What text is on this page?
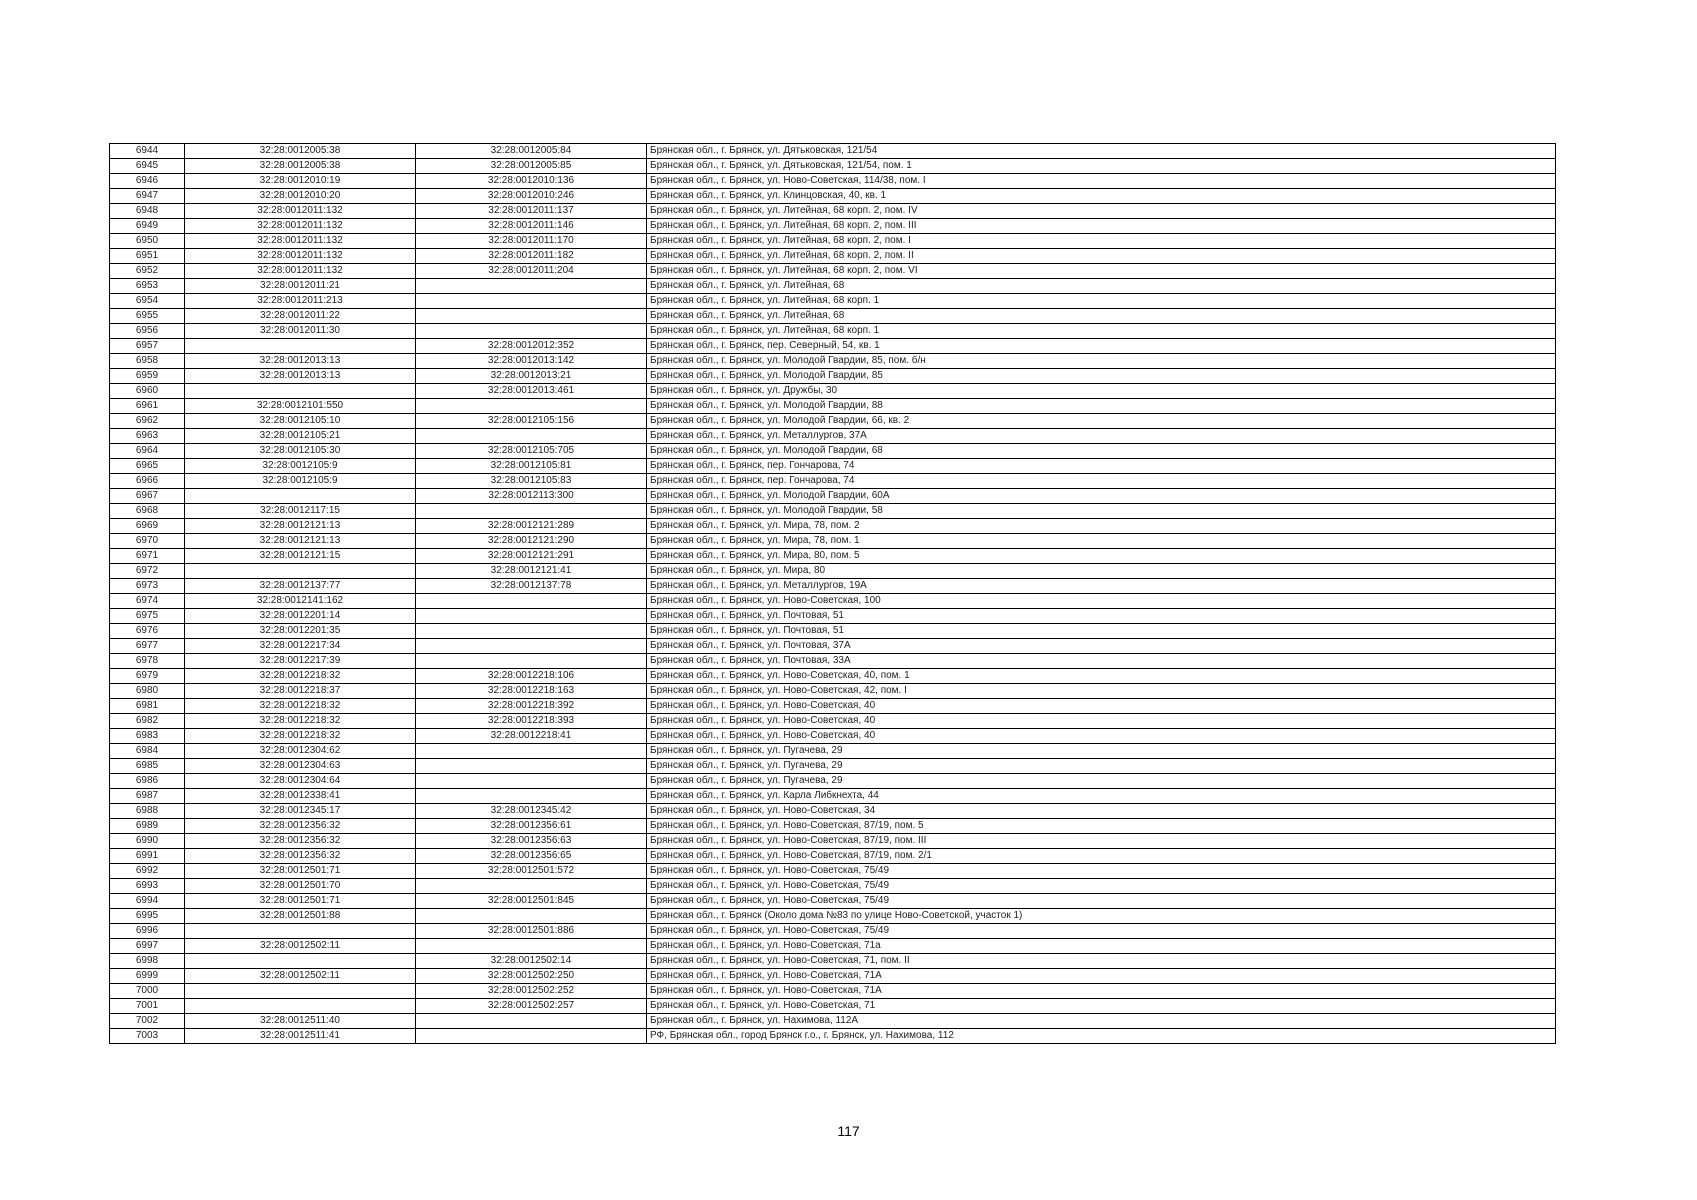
6944	32:28:0012005:38	32:28:0012005:84	Брянская обл., г. Брянск, ул. Дятьковская, 121/54
6945	32:28:0012005:38	32:28:0012005:85	Брянская обл., г. Брянск, ул. Дятьковская, 121/54, пом. 1
6946	32:28:0012010:19	32:28:0012010:136	Брянская обл., г. Брянск, ул. Ново-Советская, 114/38, пом. I
6947	32:28:0012010:20	32:28:0012010:246	Брянская обл., г. Брянск, ул. Клинцовская, 40, кв. 1
6948	32:28:0012011:132	32:28:0012011:137	Брянская обл., г. Брянск, ул. Литейная, 68 корп. 2, пом. IV
6949	32:28:0012011:132	32:28:0012011:146	Брянская обл., г. Брянск, ул. Литейная, 68 корп. 2, пом. III
6950	32:28:0012011:132	32:28:0012011:170	Брянская обл., г. Брянск, ул. Литейная, 68 корп. 2, пом. I
6951	32:28:0012011:132	32:28:0012011:182	Брянская обл., г. Брянск, ул. Литейная, 68 корп. 2, пом. II
6952	32:28:0012011:132	32:28:0012011:204	Брянская обл., г. Брянск, ул. Литейная, 68 корп. 2, пом. VI
6953	32:28:0012011:21		Брянская обл., г. Брянск, ул. Литейная, 68
6954	32:28:0012011:213		Брянская обл., г. Брянск, ул. Литейная, 68 корп. 1
6955	32:28:0012011:22		Брянская обл., г. Брянск, ул. Литейная, 68
6956	32:28:0012011:30		Брянская обл., г. Брянск, ул. Литейная, 68 корп. 1
6957		32:28:0012012:352	Брянская обл., г. Брянск, пер. Северный, 54, кв. 1
6958	32:28:0012013:13	32:28:0012013:142	Брянская обл., г. Брянск, ул. Молодой Гвардии, 85, пом. б/н
6959	32:28:0012013:13	32:28:0012013:21	Брянская обл., г. Брянск, ул. Молодой Гвардии, 85
6960		32:28:0012013:461	Брянская обл., г. Брянск, ул. Дружбы, 30
6961	32:28:0012101:550		Брянская обл., г. Брянск, ул. Молодой Гвардии, 88
6962	32:28:0012105:10	32:28:0012105:156	Брянская обл., г. Брянск, ул. Молодой Гвардии, 66, кв. 2
6963	32:28:0012105:21		Брянская обл., г. Брянск, ул. Металлургов, 37А
6964	32:28:0012105:30	32:28:0012105:705	Брянская обл., г. Брянск, ул. Молодой Гвардии, 68
6965	32:28:0012105:9	32:28:0012105:81	Брянская обл., г. Брянск, пер. Гончарова, 74
6966	32:28:0012105:9	32:28:0012105:83	Брянская обл., г. Брянск, пер. Гончарова, 74
6967		32:28:0012113:300	Брянская обл., г. Брянск, ул. Молодой Гвардии, 60А
6968	32:28:0012117:15		Брянская обл., г. Брянск, ул. Молодой Гвардии, 58
6969	32:28:0012121:13	32:28:0012121:289	Брянская обл., г. Брянск, ул. Мира, 78, пом. 2
6970	32:28:0012121:13	32:28:0012121:290	Брянская обл., г. Брянск, ул. Мира, 78, пом. 1
6971	32:28:0012121:15	32:28:0012121:291	Брянская обл., г. Брянск, ул. Мира, 80, пом. 5
6972		32:28:0012121:41	Брянская обл., г. Брянск, ул. Мира, 80
6973	32:28:0012137:77	32:28:0012137:78	Брянская обл., г. Брянск, ул. Металлургов, 19А
6974	32:28:0012141:162		Брянская обл., г. Брянск, ул. Ново-Советская, 100
6975	32:28:0012201:14		Брянская обл., г. Брянск, ул. Почтовая, 51
6976	32:28:0012201:35		Брянская обл., г. Брянск, ул. Почтовая, 51
6977	32:28:0012217:34		Брянская обл., г. Брянск, ул. Почтовая, 37А
6978	32:28:0012217:39		Брянская обл., г. Брянск, ул. Почтовая, 33А
6979	32:28:0012218:32	32:28:0012218:106	Брянская обл., г. Брянск, ул. Ново-Советская, 40, пом. 1
6980	32:28:0012218:37	32:28:0012218:163	Брянская обл., г. Брянск, ул. Ново-Советская, 42, пом. I
6981	32:28:0012218:32	32:28:0012218:392	Брянская обл., г. Брянск, ул. Ново-Советская, 40
6982	32:28:0012218:32	32:28:0012218:393	Брянская обл., г. Брянск, ул. Ново-Советская, 40
6983	32:28:0012218:32	32:28:0012218:41	Брянская обл., г. Брянск, ул. Ново-Советская, 40
6984	32:28:0012304:62		Брянская обл., г. Брянск, ул. Пугачева, 29
6985	32:28:0012304:63		Брянская обл., г. Брянск, ул. Пугачева, 29
6986	32:28:0012304:64		Брянская обл., г. Брянск, ул. Пугачева, 29
6987	32:28:0012338:41		Брянская обл., г. Брянск, ул. Карла Либкнехта, 44
6988	32:28:0012345:17	32:28:0012345:42	Брянская обл., г. Брянск, ул. Ново-Советская, 34
6989	32:28:0012356:32	32:28:0012356:61	Брянская обл., г. Брянск, ул. Ново-Советская, 87/19, пом. 5
6990	32:28:0012356:32	32:28:0012356:63	Брянская обл., г. Брянск, ул. Ново-Советская, 87/19, пом. III
6991	32:28:0012356:32	32:28:0012356:65	Брянская обл., г. Брянск, ул. Ново-Советская, 87/19, пом. 2/1
6992	32:28:0012501:71	32:28:0012501:572	Брянская обл., г. Брянск, ул. Ново-Советская, 75/49
6993	32:28:0012501:70		Брянская обл., г. Брянск, ул. Ново-Советская, 75/49
6994	32:28:0012501:71	32:28:0012501:845	Брянская обл., г. Брянск, ул. Ново-Советская, 75/49
6995	32:28:0012501:88		Брянская обл., г. Брянск (Около дома №83 по улице Ново-Советской, участок 1)
6996		32:28:0012501:886	Брянская обл., г. Брянск, ул. Ново-Советская, 75/49
6997	32:28:0012502:11		Брянская обл., г. Брянск, ул. Ново-Советская, 71а
6998		32:28:0012502:14	Брянская обл., г. Брянск, ул. Ново-Советская, 71, пом. II
6999	32:28:0012502:11	32:28:0012502:250	Брянская обл., г. Брянск, ул. Ново-Советская, 71А
7000		32:28:0012502:252	Брянская обл., г. Брянск, ул. Ново-Советская, 71А
7001		32:28:0012502:257	Брянская обл., г. Брянск, ул. Ново-Советская, 71
7002	32:28:0012511:40		Брянская обл., г. Брянск, ул. Нахимова, 112А
7003	32:28:0012511:41		РФ, Брянская обл., город Брянск г.о., г. Брянск, ул. Нахимова, 112
117
